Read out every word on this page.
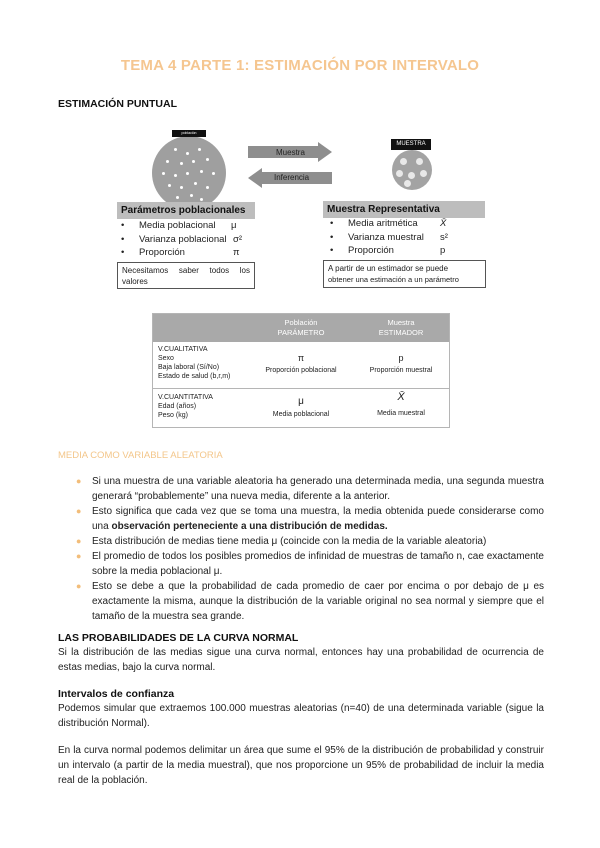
TEMA 4 PARTE 1: ESTIMACIÓN POR INTERVALO
ESTIMACIÓN PUNTUAL
población
Muestra
Inferencia
MUESTRA
Parámetros poblacionales
• Media poblacional μ
• Varianza poblacional σ²
• Proporción	π
Necesitamos saber todos los valores
Muestra Representativa
• Media aritmética X̄
• Varianza muestral s²
• Proporción	p
A partir de un estimador se puede
obtener una estimación a un parámetro
Población
PARÁMETRO
Muestra
ESTIMADOR
V.CUALITATIVA
Sexo
Baja laboral (Sí/No)
Estado de salud (b,r,m)
π
Proporción poblacional
p
Proporción muestral
V.CUANTITATIVA
Edad (años)
Peso (kg)
μ
Media poblacional
X̄
Media muestral
MEDIA COMO VARIABLE ALEATORIA
● Si una muestra de una variable aleatoria ha generado una determinada media, una segunda muestra generará “probablemente” una nueva media, diferente a la anterior.
● Esto significa que cada vez que se toma una muestra, la media obtenida puede considerarse como una observación perteneciente a una distribución de medidas.
● Esta distribución de medias tiene media μ (coincide con la media de la variable aleatoria)
● El promedio de todos los posibles promedios de infinidad de muestras de tamaño n, cae exactamente sobre la media poblacional μ.
● Esto se debe a que la probabilidad de cada promedio de caer por encima o por debajo de μ es exactamente la misma, aunque la distribución de la variable original no sea normal y siempre que el tamaño de la muestra sea grande.
LAS PROBABILIDADES DE LA CURVA NORMAL
Si la distribución de las medias sigue una curva normal, entonces hay una probabilidad de ocurrencia de estas medias, bajo la curva normal.
Intervalos de confianza
Podemos simular que extraemos 100.000 muestras aleatorias (n=40) de una determinada variable (sigue la distribución Normal).
En la curva normal podemos delimitar un área que sume el 95% de la distribución de probabilidad y construir un intervalo (a partir de la media muestral), que nos proporcione un 95% de probabilidad de incluir la media real de la población.
